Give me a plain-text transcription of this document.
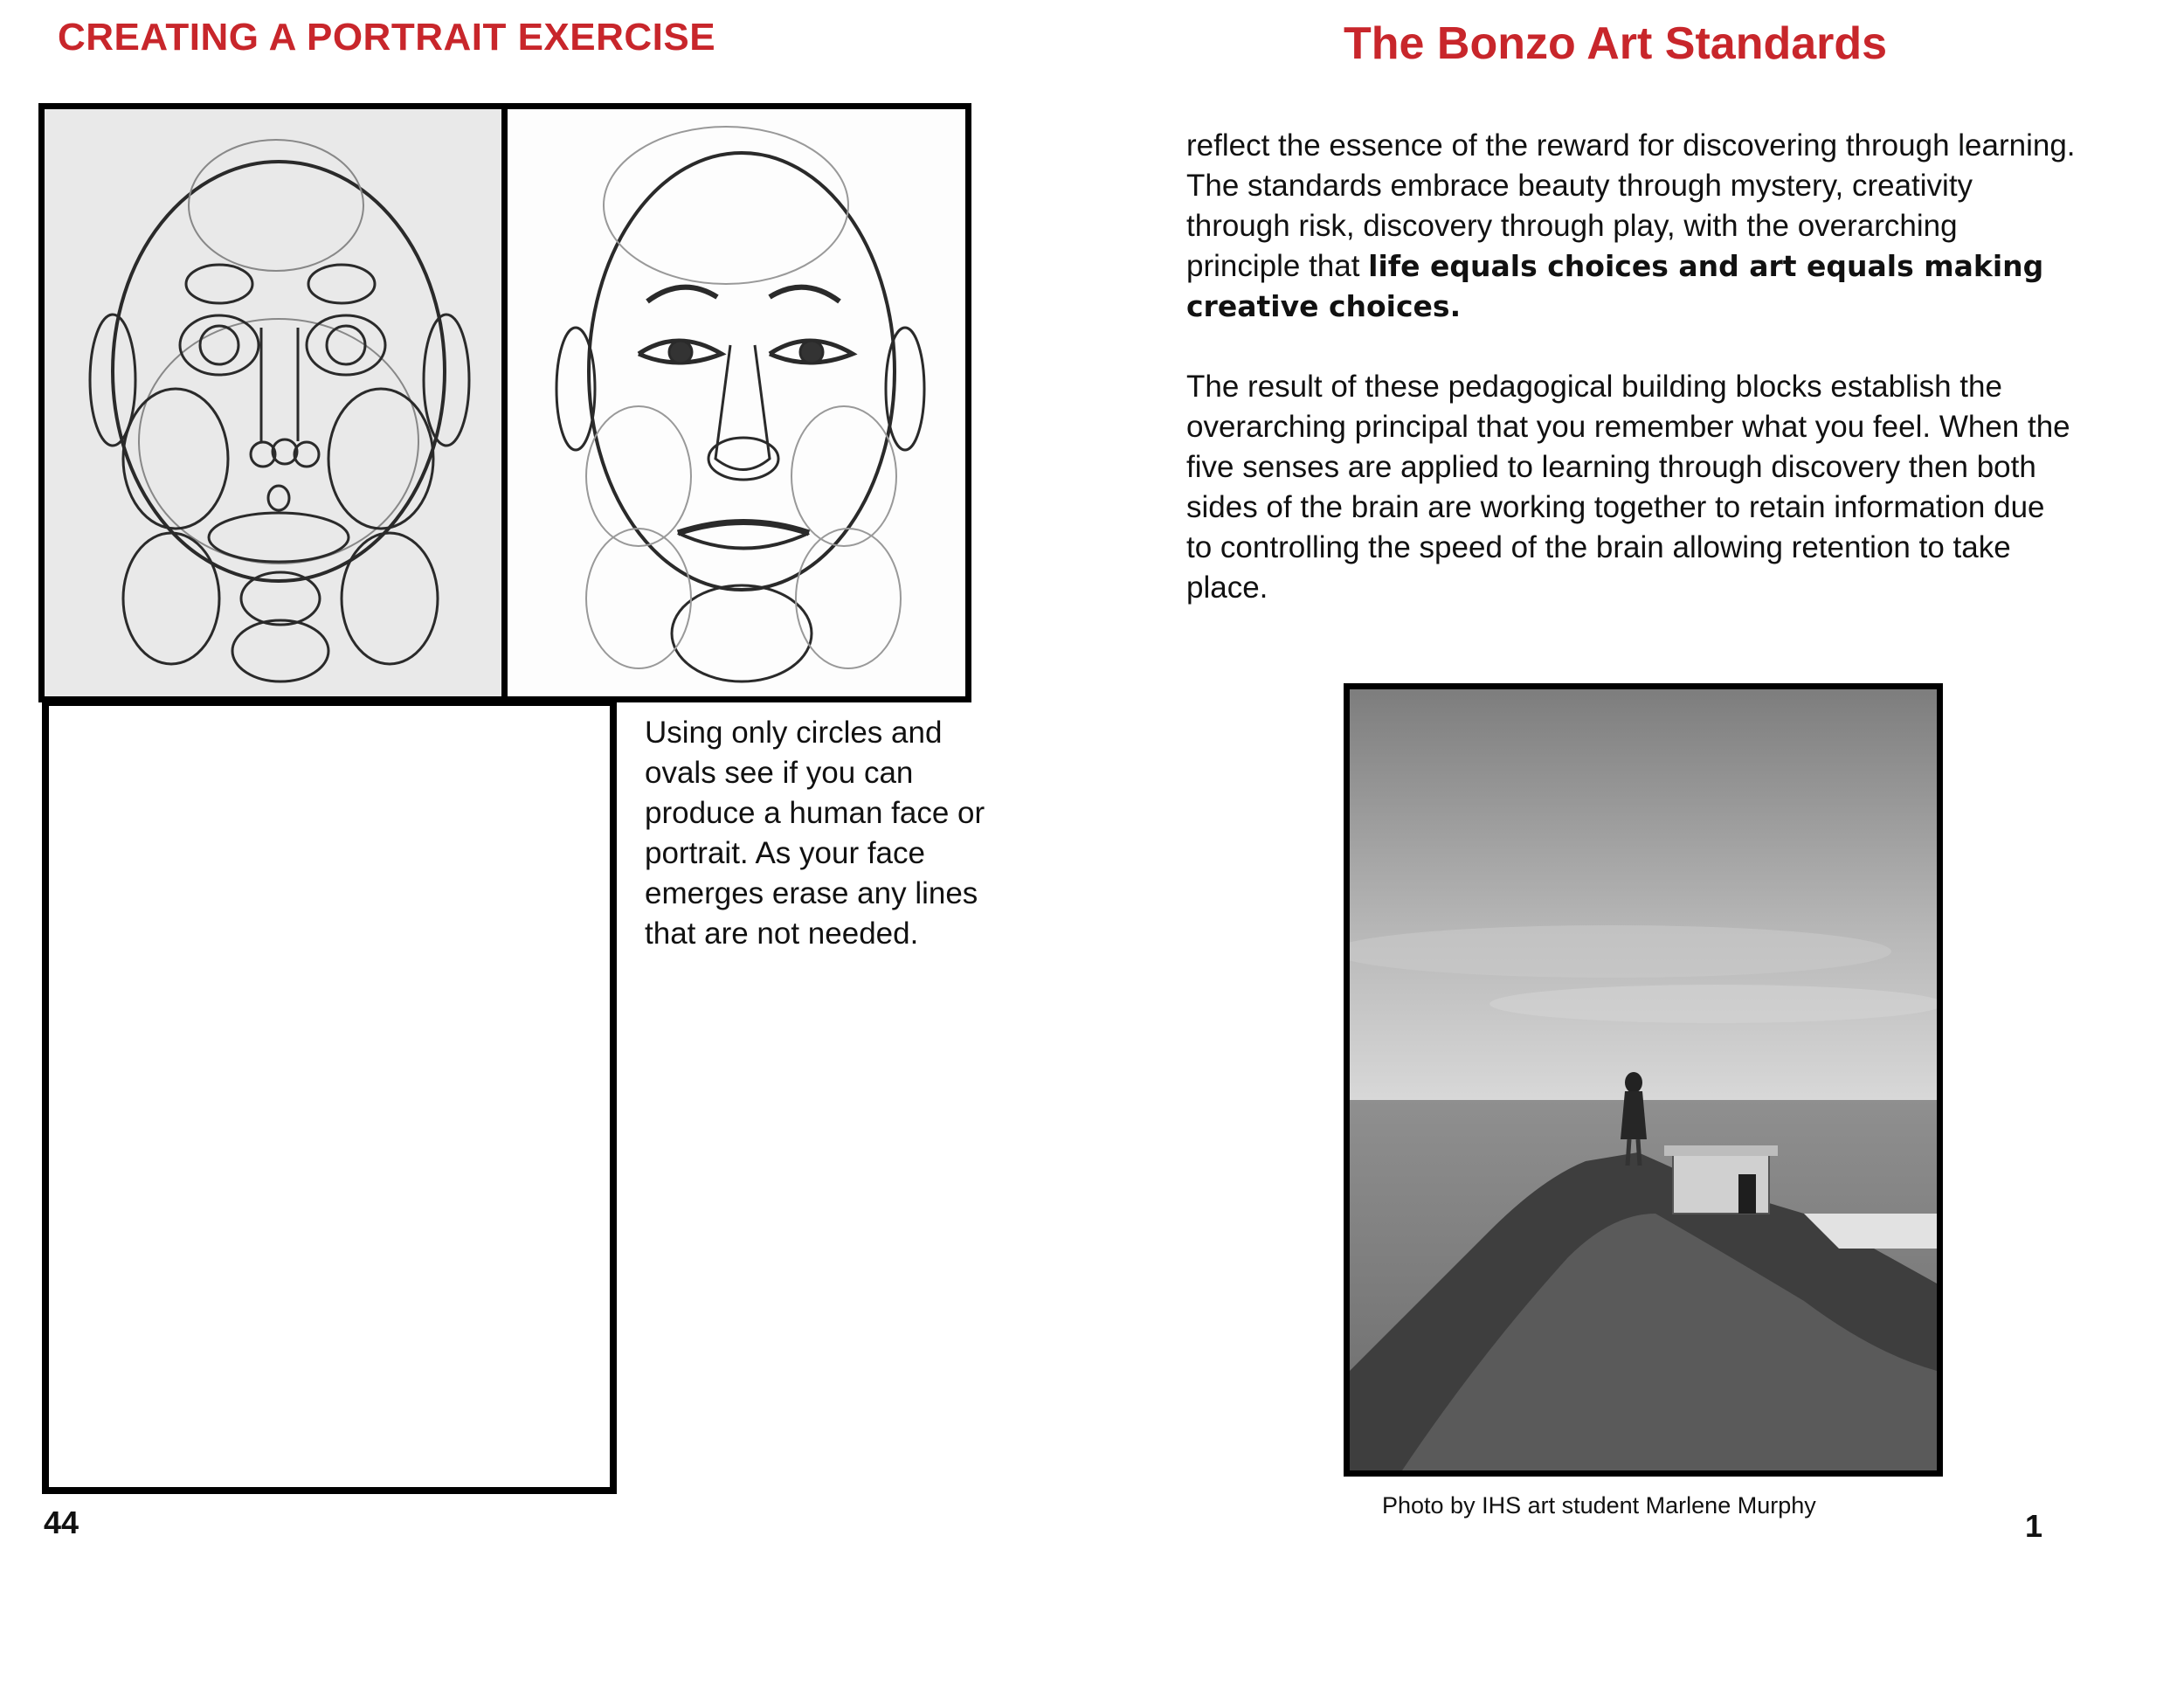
CREATING A PORTRAIT EXERCISE
Using only circles and ovals see if you can produce a human face or portrait. As your face emerges erase any lines that are not needed.
44
The Bonzo Art Standards
reflect the essence of the reward for discovering through learning. The standards embrace beauty through mystery, creativity through risk, discovery through play, with the overarching principle that life equals choices and art equals making creative choices.
The result of these pedagogical building blocks establish the overarching principal that you remember what you feel. When the five senses are applied to learning through discovery then both sides of the brain are working together to retain information due to controlling the speed of the brain allowing retention to take place.
Photo by IHS art student Marlene Murphy
1
